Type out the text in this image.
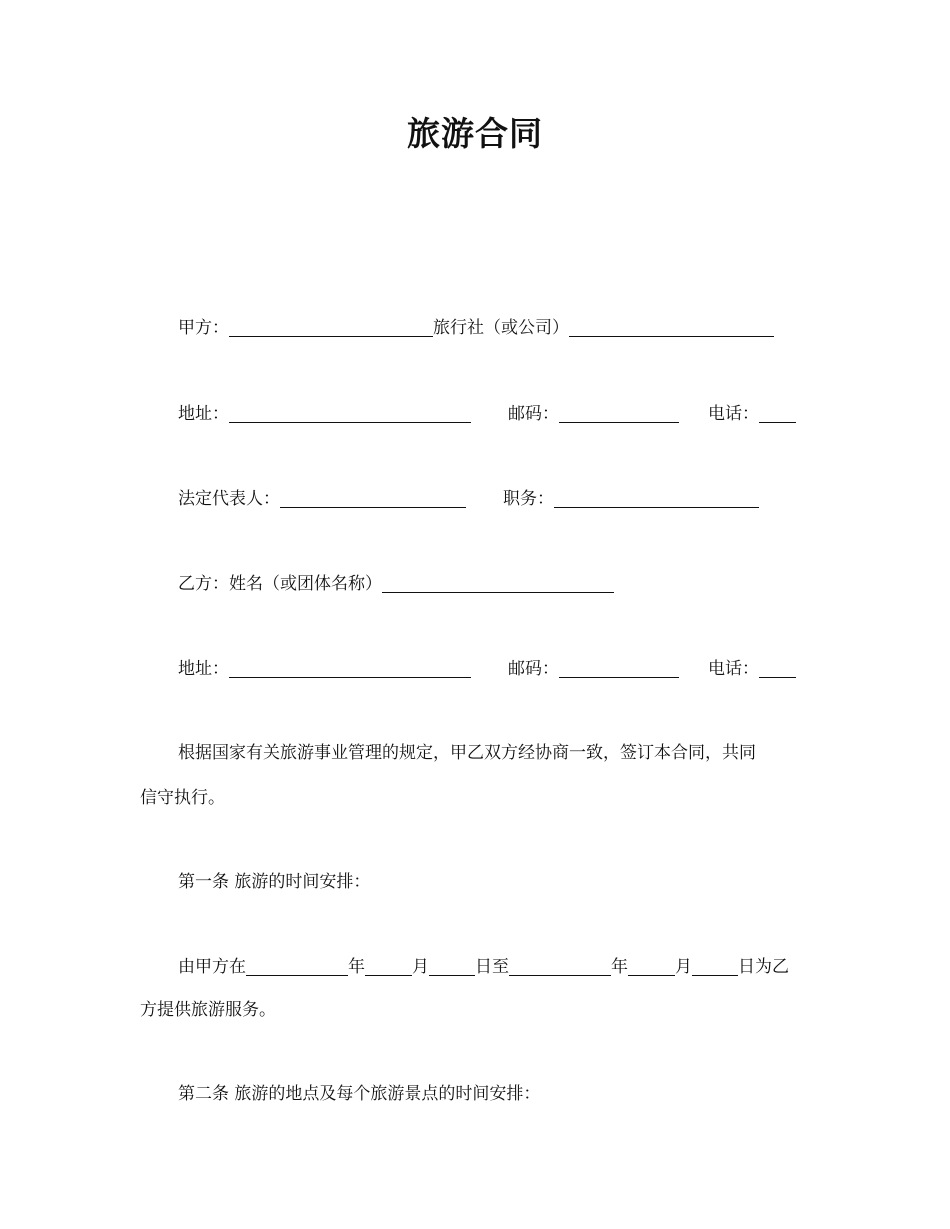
旅游合同
甲方：	旅行社（或公司）
地址：	邮码：	电话：
法定代表人：	职务：
乙方：姓名（或团体名称）
地址：	邮码：	电话：
根据国家有关旅游事业管理的规定，甲乙双方经协商一致，签订本合同，共同
信守执行。
第一条 旅游的时间安排：
由甲方在	年	月	日至	年	月	日为乙
方提供旅游服务。
第二条 旅游的地点及每个旅游景点的时间安排：
